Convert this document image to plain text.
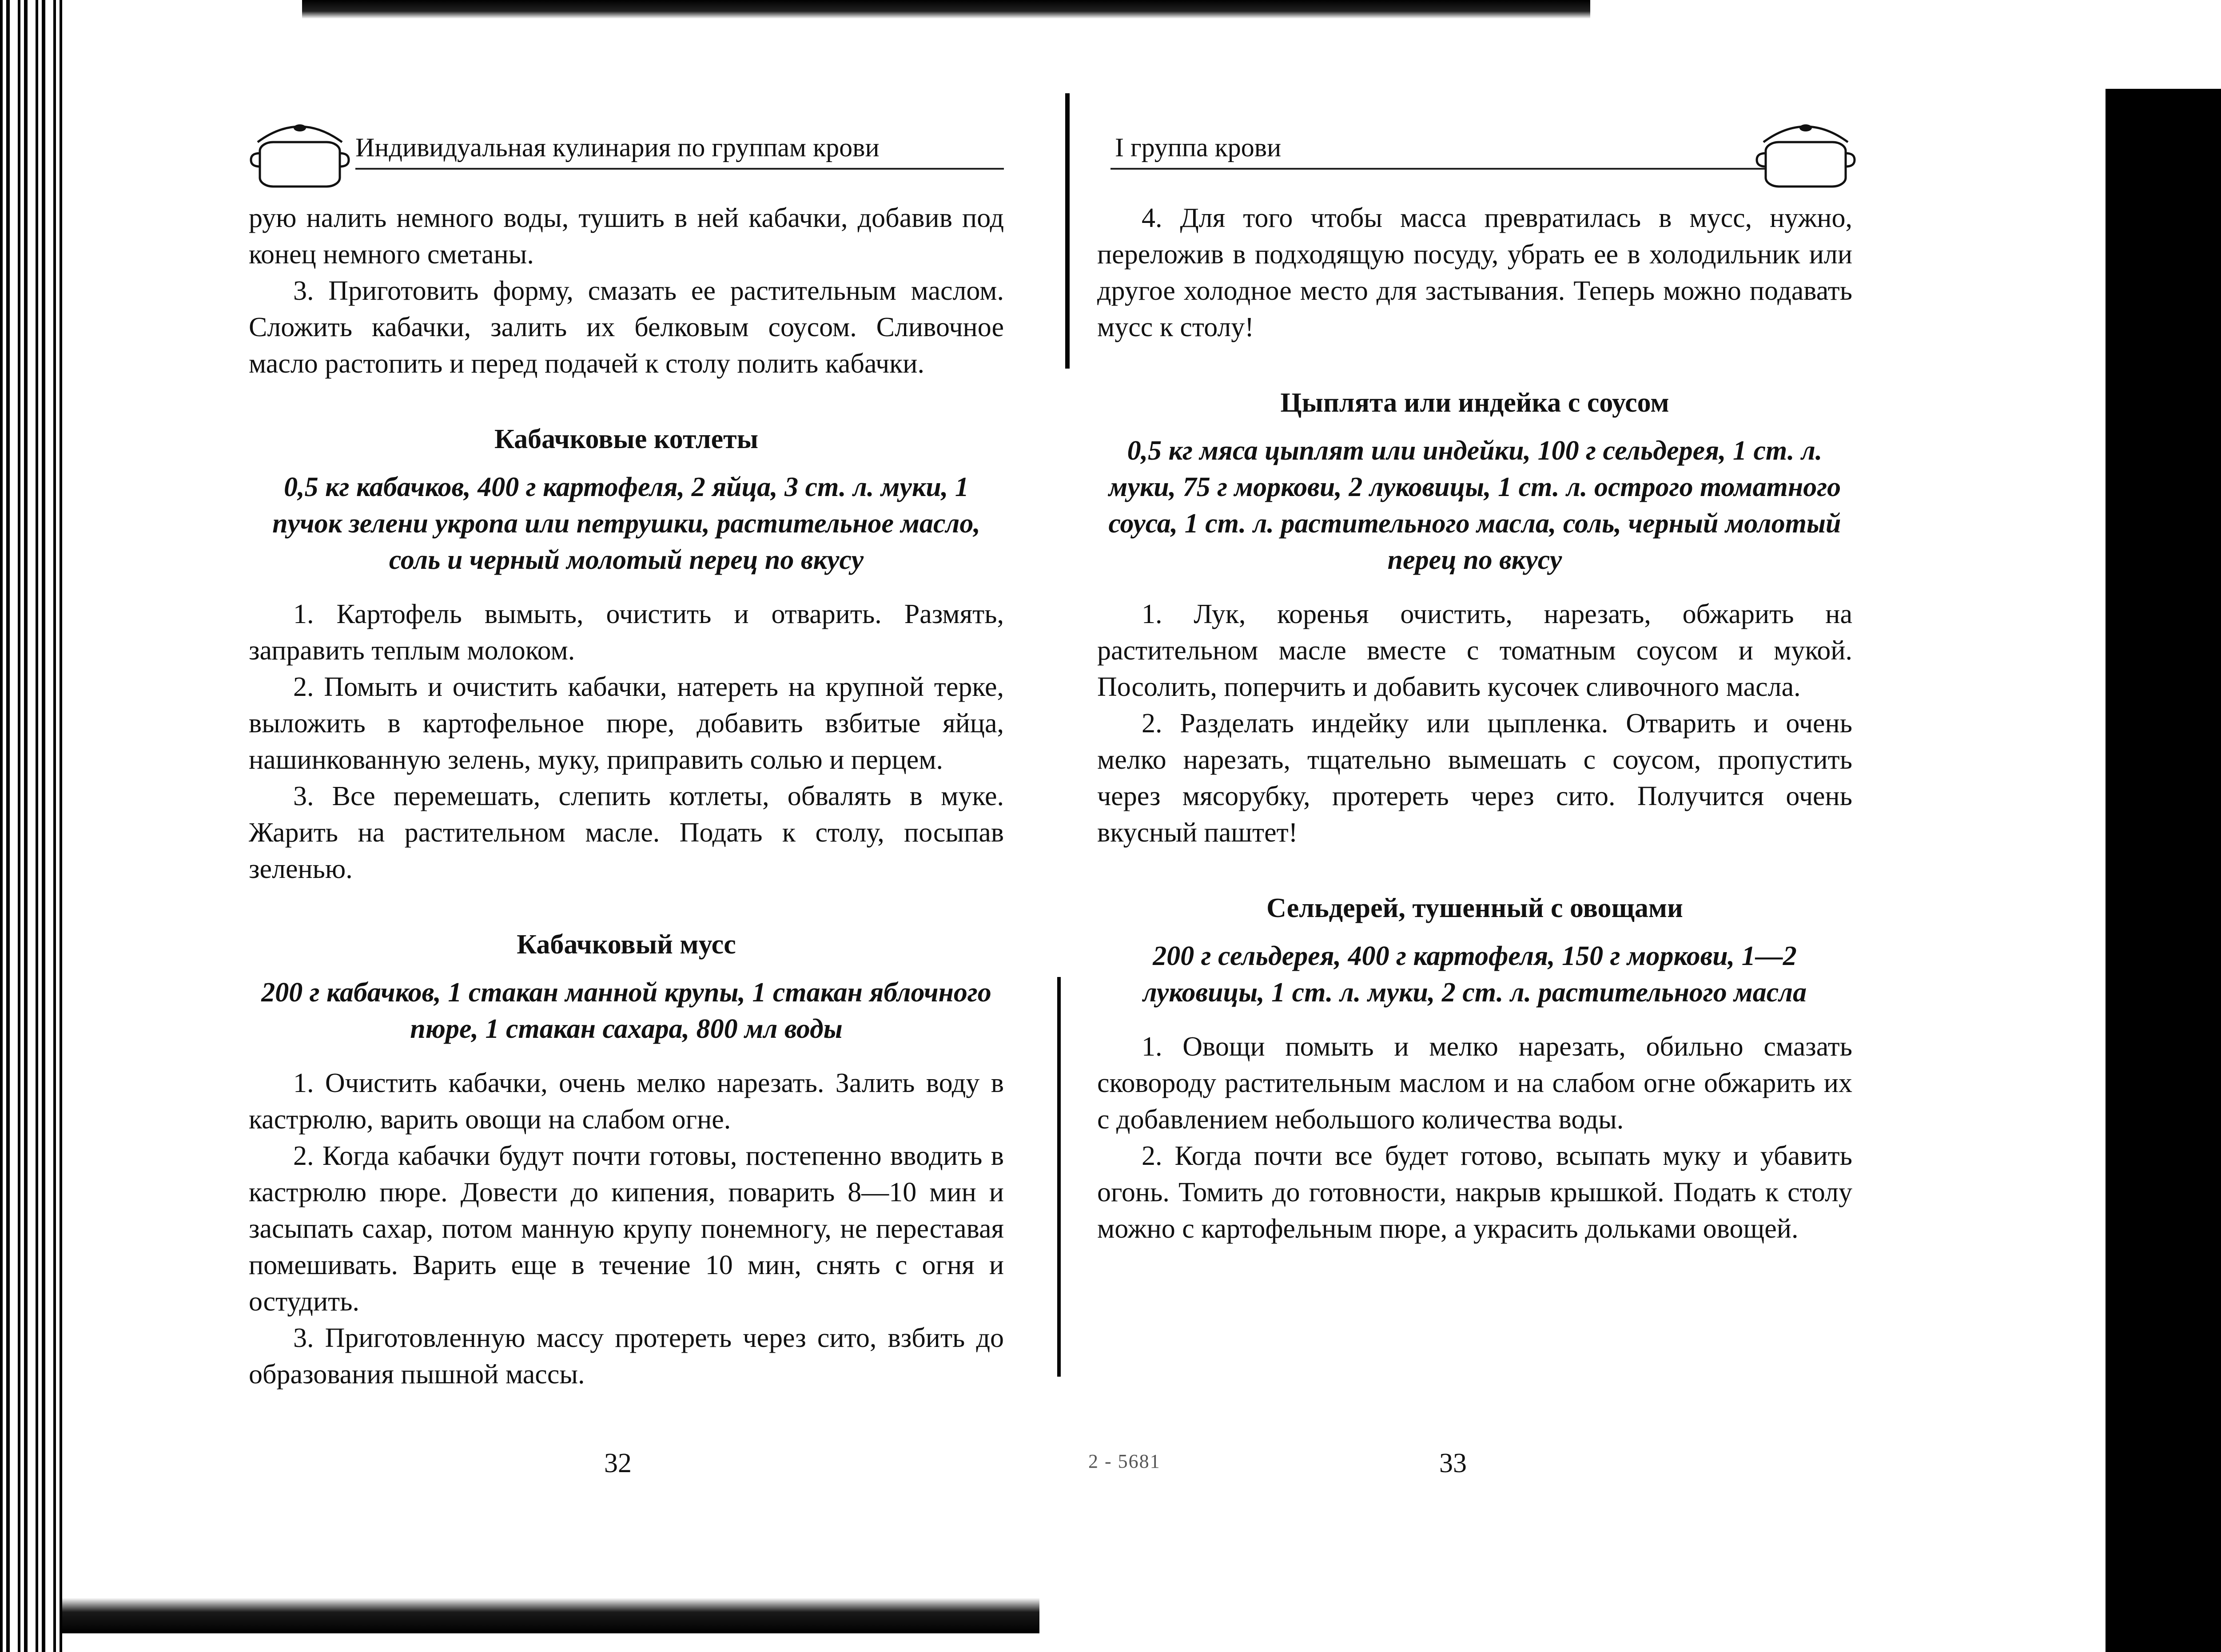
Индивидуальная кулинария по группам крови

рую налить немного воды, тушить в ней кабачки, добавив под конец немного сметаны.

3. Приготовить форму, смазать ее растительным маслом. Сложить кабачки, залить их белковым соусом. Сливочное масло растопить и перед подачей к столу полить кабачки.

Кабачковые котлеты

0,5 кг кабачков, 400 г картофеля, 2 яйца, 3 ст. л. муки, 1 пучок зелени укропа или петрушки, растительное масло, соль и черный молотый перец по вкусу

1. Картофель вымыть, очистить и отварить. Размять, заправить теплым молоком.

2. Помыть и очистить кабачки, натереть на крупной терке, выложить в картофельное пюре, добавить взбитые яйца, нашинкованную зелень, муку, приправить солью и перцем.

3. Все перемешать, слепить котлеты, обвалять в муке. Жарить на растительном масле. Подать к столу, посыпав зеленью.

Кабачковый мусс

200 г кабачков, 1 стакан манной крупы, 1 стакан яблочного пюре, 1 стакан сахара, 800 мл воды

1. Очистить кабачки, очень мелко нарезать. Залить воду в кастрюлю, варить овощи на слабом огне.

2. Когда кабачки будут почти готовы, постепенно вводить в кастрюлю пюре. Довести до кипения, поварить 8—10 мин и засыпать сахар, потом манную крупу понемногу, не переставая помешивать. Варить еще в течение 10 мин, снять с огня и остудить.

3. Приготовленную массу протереть через сито, взбить до образования пышной массы.

32
I группа крови

4. Для того чтобы масса превратилась в мусс, нужно, переложив в подходящую посуду, убрать ее в холодильник или другое холодное место для застывания. Теперь можно подавать мусс к столу!

Цыплята или индейка с соусом

0,5 кг мяса цыплят или индейки, 100 г сельдерея, 1 ст. л. муки, 75 г моркови, 2 луковицы, 1 ст. л. острого томатного соуса, 1 ст. л. растительного масла, соль, черный молотый перец по вкусу

1. Лук, коренья очистить, нарезать, обжарить на растительном масле вместе с томатным соусом и мукой. Посолить, поперчить и добавить кусочек сливочного масла.

2. Разделать индейку или цыпленка. Отварить и очень мелко нарезать, тщательно вымешать с соусом, пропустить через мясорубку, протереть через сито. Получится очень вкусный паштет!

Сельдерей, тушенный с овощами

200 г сельдерея, 400 г картофеля, 150 г моркови, 1—2 луковицы, 1 ст. л. муки, 2 ст. л. растительного масла

1. Овощи помыть и мелко нарезать, обильно смазать сковороду растительным маслом и на слабом огне обжарить их с добавлением небольшого количества воды.

2. Когда почти все будет готово, всыпать муку и убавить огонь. Томить до готовности, накрыв крышкой. Подать к столу можно с картофельным пюре, а украсить дольками овощей.

2 - 5681	33
